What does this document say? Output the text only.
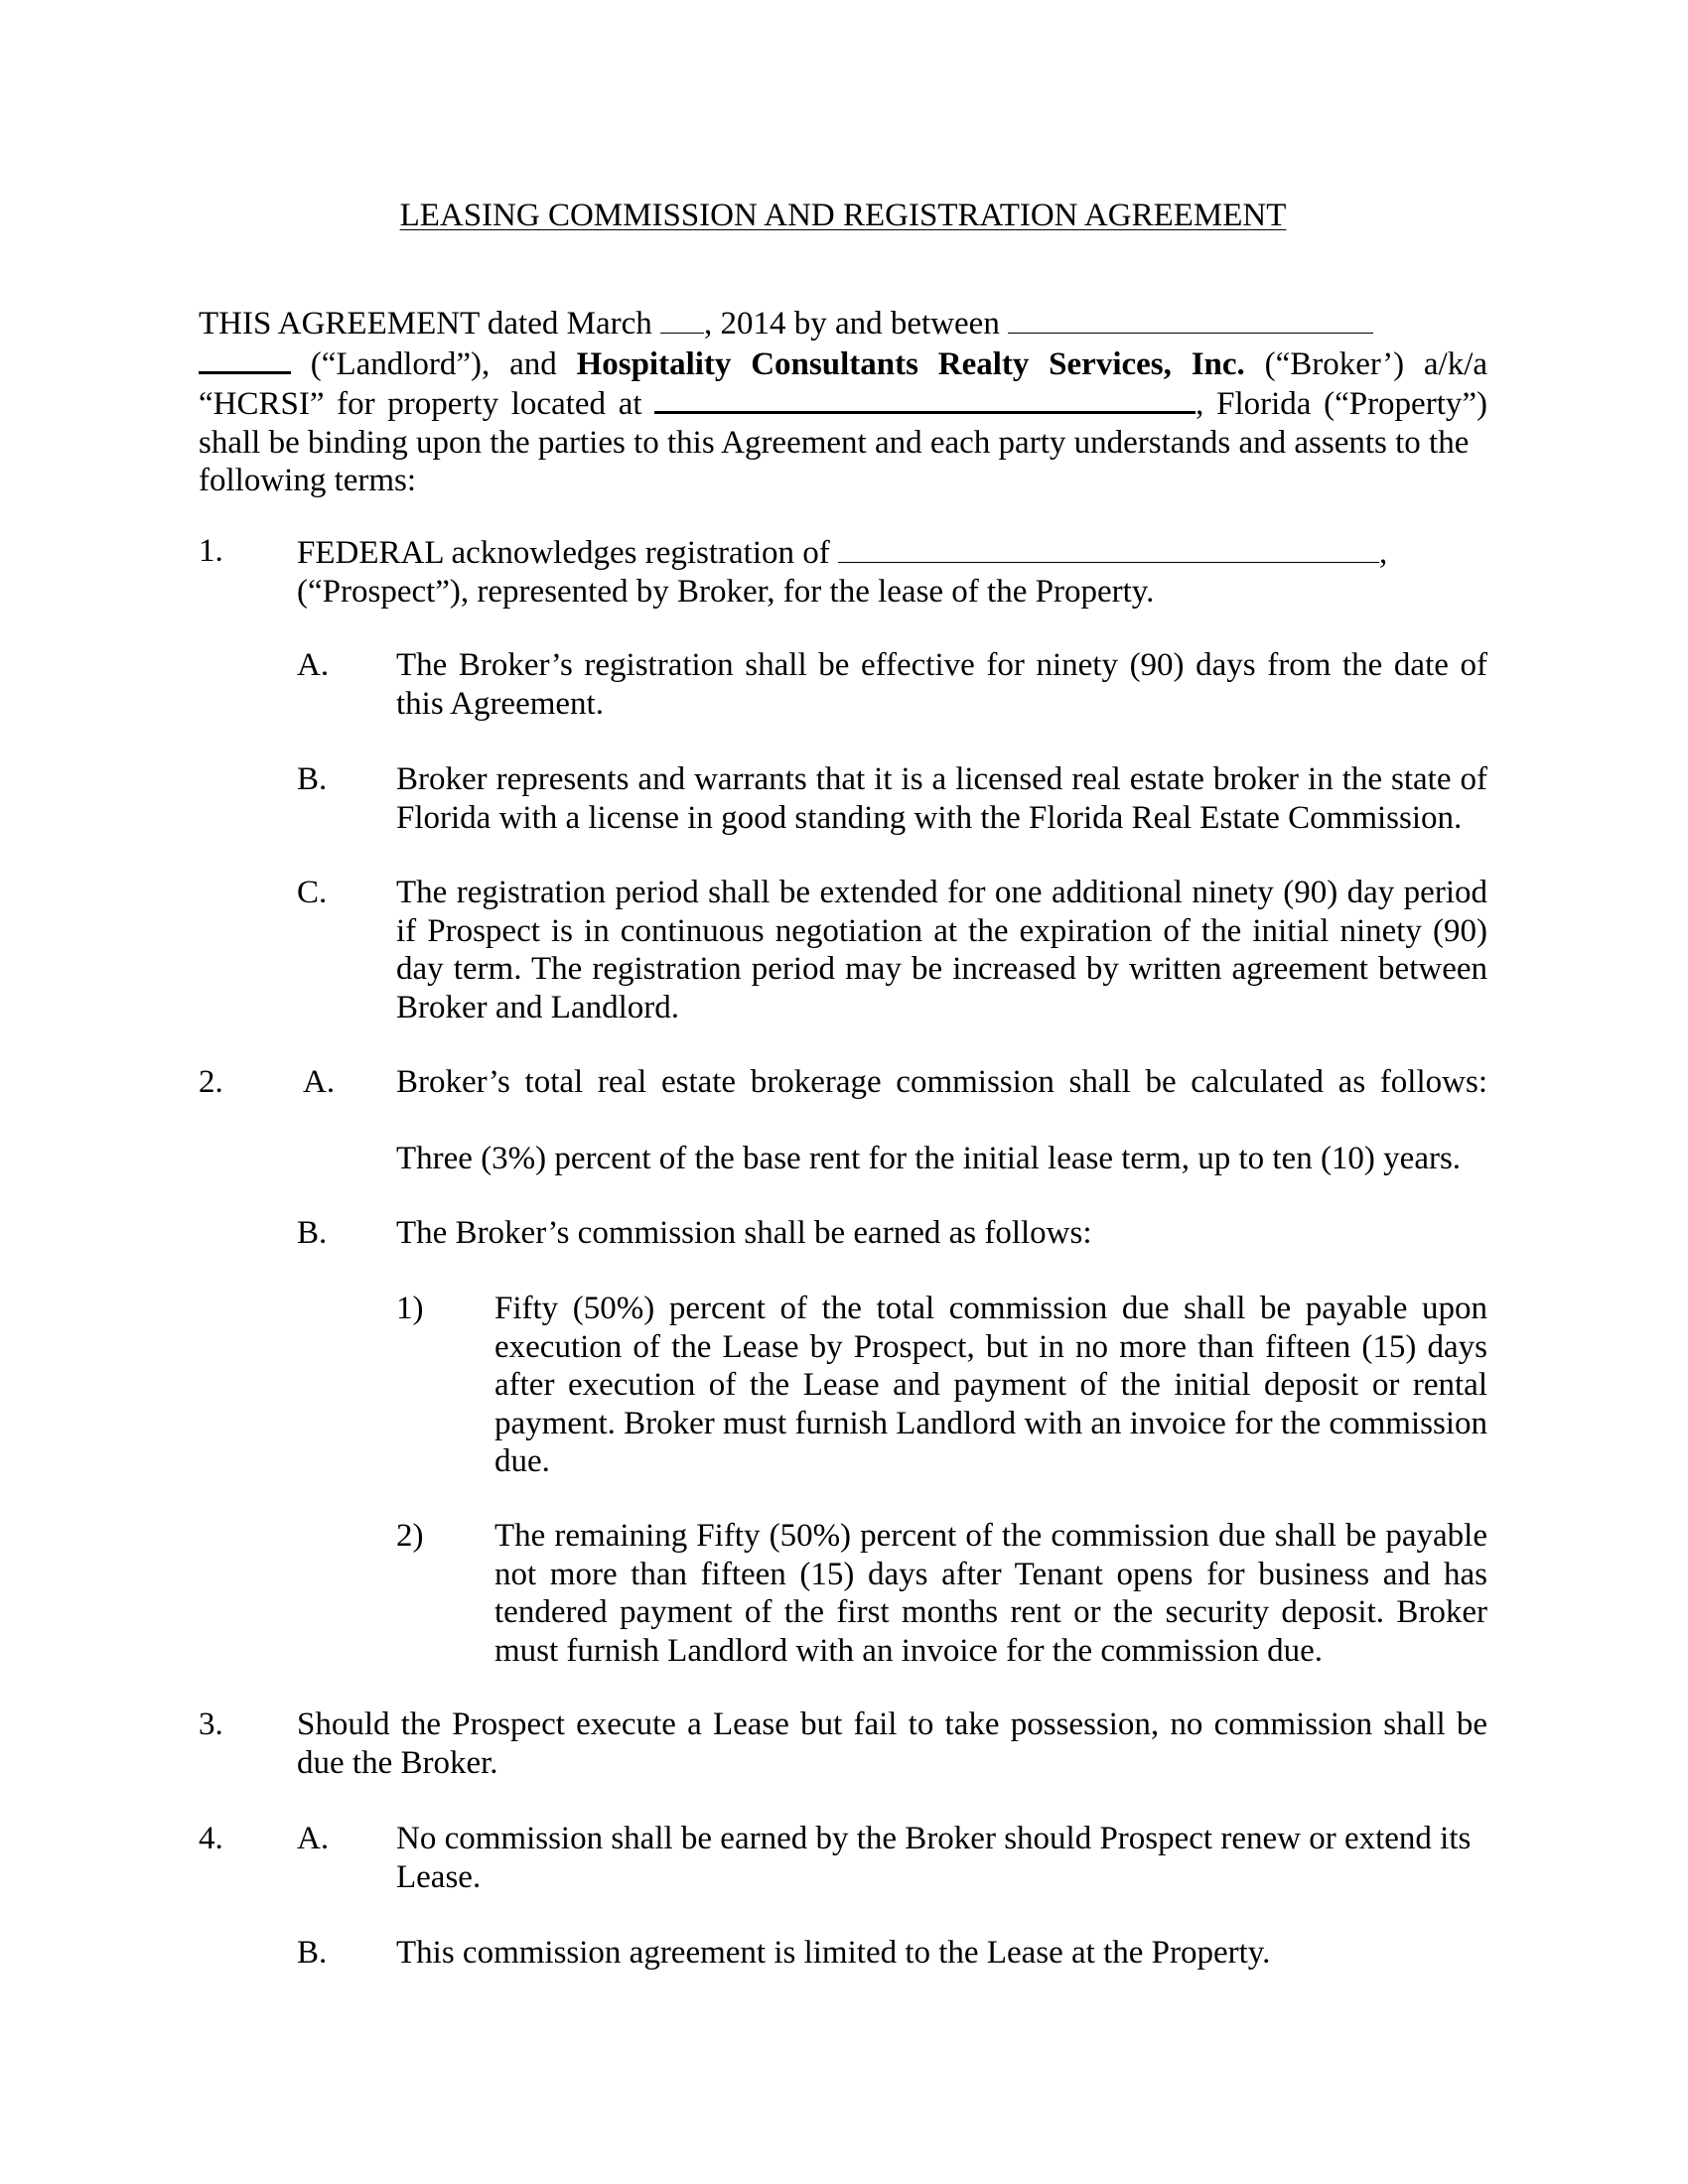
LEASING COMMISSION AND REGISTRATION AGREEMENT
THIS AGREEMENT dated March , 2014 by and between
(“Landlord”), and Hospitality Consultants Realty Services, Inc. (“Broker’) a/k/a
“HCRSI” for property located at	, Florida (“Property”)
shall be binding upon the parties to this Agreement and each party understands and assents to the
following terms:
1. FEDERAL acknowledges registration of	,
(“Prospect”), represented by Broker, for the lease of the Property.
A. The Broker’s registration shall be effective for ninety (90) days from the date of this Agreement.
B. Broker represents and warrants that it is a licensed real estate broker in the state of Florida with a license in good standing with the Florida Real Estate Commission.
C. The registration period shall be extended for one additional ninety (90) day period if Prospect is in continuous negotiation at the expiration of the initial ninety (90) day term. The registration period may be increased by written agreement between Broker and Landlord.
2. A. Broker’s total real estate brokerage commission shall be calculated as follows:
Three (3%) percent of the base rent for the initial lease term, up to ten (10) years.
B. The Broker’s commission shall be earned as follows:
1) Fifty (50%) percent of the total commission due shall be payable upon execution of the Lease by Prospect, but in no more than fifteen (15) days after execution of the Lease and payment of the initial deposit or rental payment. Broker must furnish Landlord with an invoice for the commission due.
2) The remaining Fifty (50%) percent of the commission due shall be payable not more than fifteen (15) days after Tenant opens for business and has tendered payment of the first months rent or the security deposit. Broker must furnish Landlord with an invoice for the commission due.
3. Should the Prospect execute a Lease but fail to take possession, no commission shall be due the Broker.
4. A. No commission shall be earned by the Broker should Prospect renew or extend its Lease.
B. This commission agreement is limited to the Lease at the Property.
